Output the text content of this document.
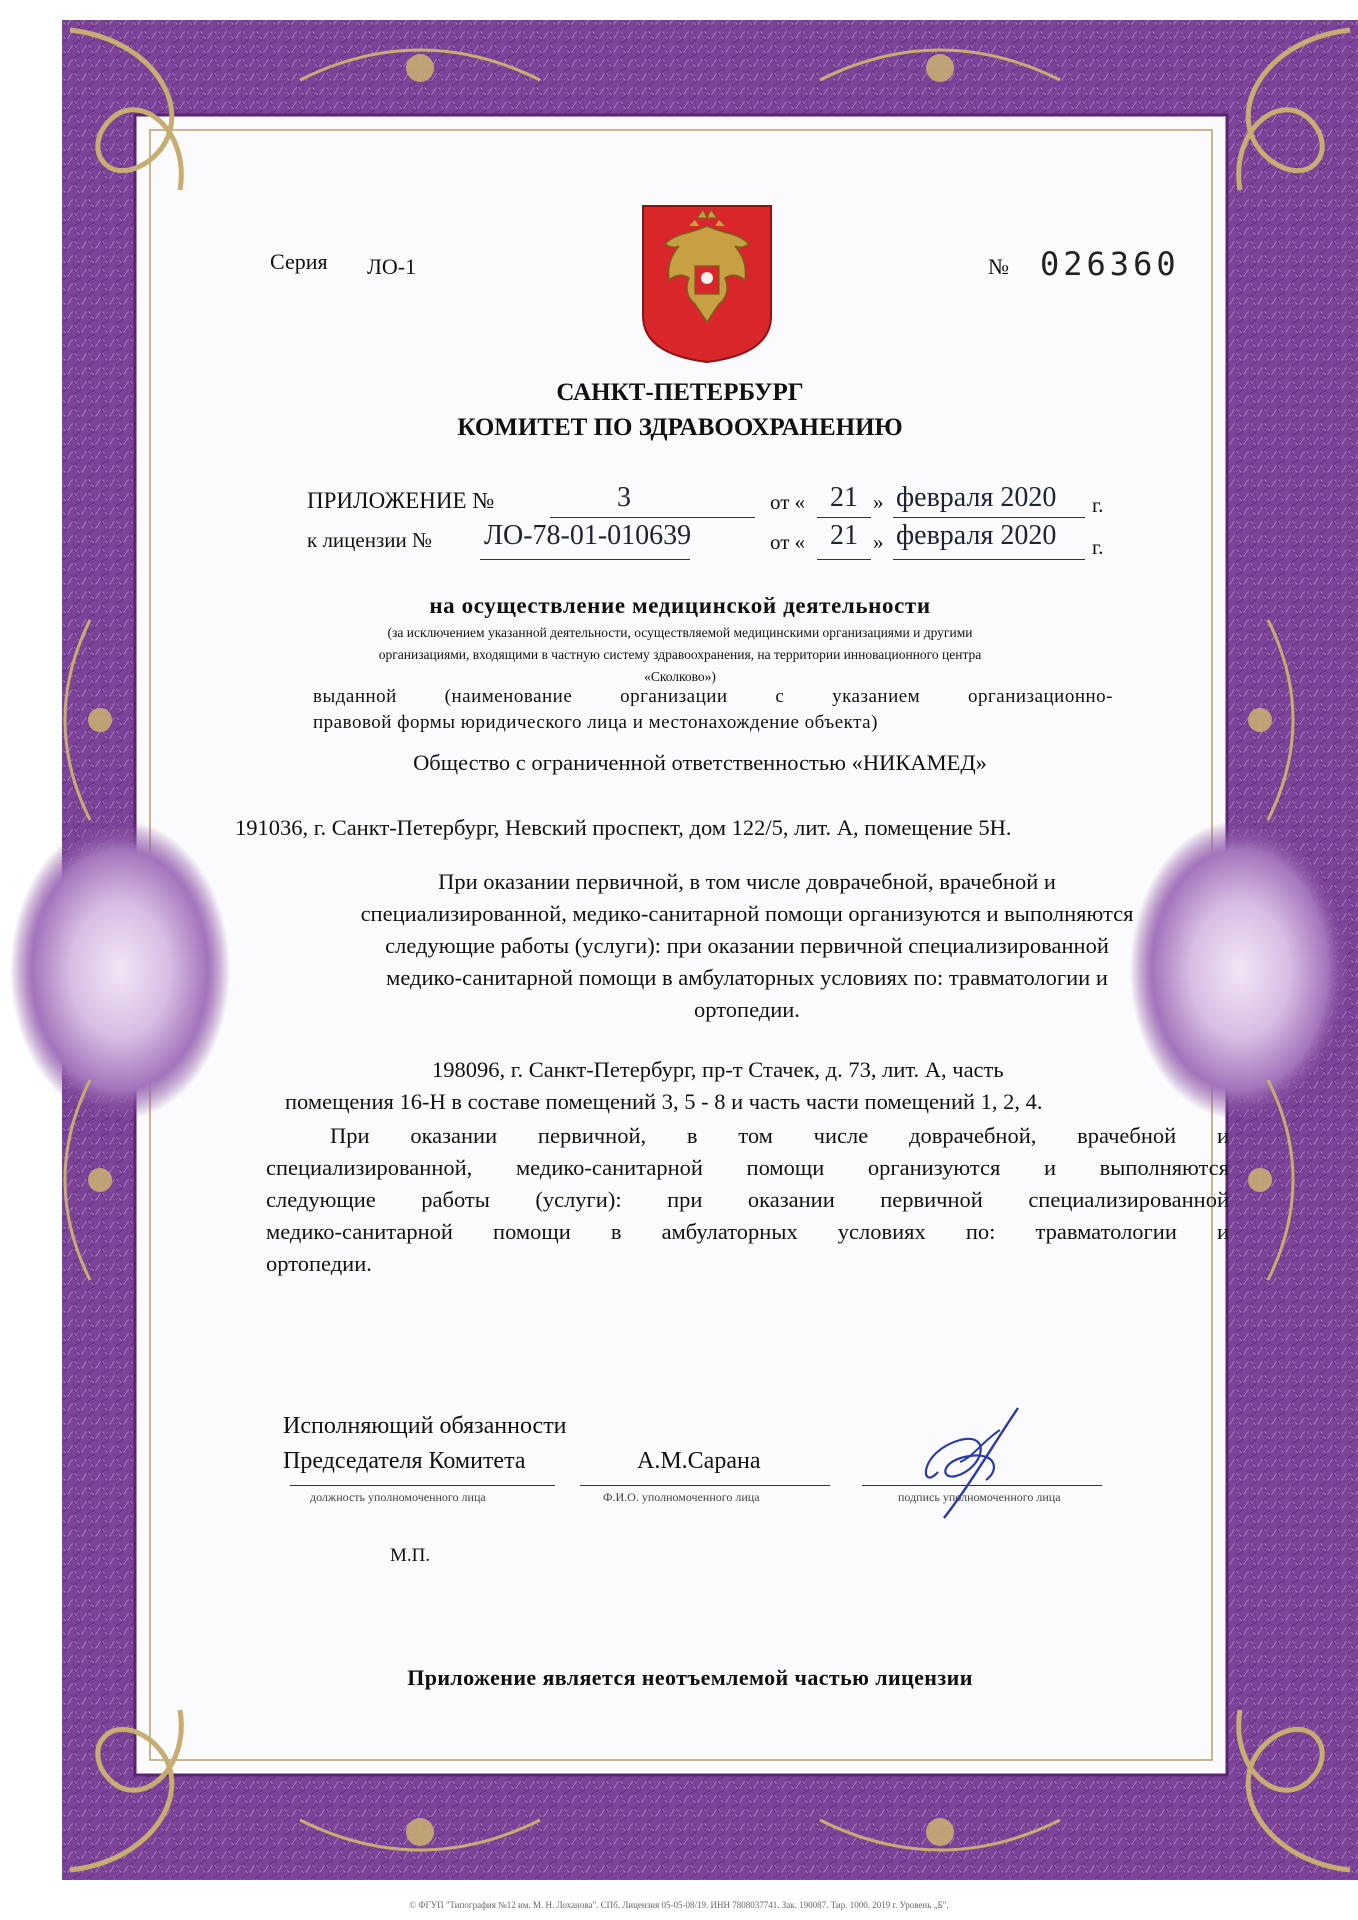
Серия ЛО-1	№ 026360
САНКТ-ПЕТЕРБУРГ
КОМИТЕТ ПО ЗДРАВООХРАНЕНИЮ
ПРИЛОЖЕНИЕ №	3	от « 21 » февраля 2020 г.
к лицензии № ЛО-78-01-010639	от « 21 » февраля 2020 г.
на осуществление медицинской деятельности
(за исключением указанной деятельности, осуществляемой медицинскими организациями и другими
организациями, входящими в частную систему здравоохранения, на территории инновационного центра
«Сколково»)
выданной (наименование организации с указанием организационно-
правовой формы юридического лица и местонахождение объекта)
Общество с ограниченной ответственностью «НИКАМЕД»
191036, г. Санкт-Петербург, Невский проспект, дом 122/5, лит. А, помещение 5Н.
При оказании первичной, в том числе доврачебной, врачебной и
специализированной, медико-санитарной помощи организуются и выполняются
следующие работы (услуги): при оказании первичной специализированной
медико-санитарной помощи в амбулаторных условиях по: травматологии и
ортопедии.
198096, г. Санкт-Петербург, пр-т Стачек, д. 73, лит. А, часть
помещения 16-Н в составе помещений 3, 5 - 8 и часть части помещений 1, 2, 4.
При оказании первичной, в том числе доврачебной, врачебной и
специализированной, медико-санитарной помощи организуются и выполняются
следующие работы (услуги): при оказании первичной специализированной
медико-санитарной помощи в амбулаторных условиях по: травматологии и
ортопедии.
Исполняющий обязанности
Председателя Комитета	А.М.Сарана
должность уполномоченного лица	Ф.И.О. уполномоченного лица	подпись уполномоченного лица
М.П.
Приложение является неотъемлемой частью лицензии
© ФГУП "Типография №12 им. М. Н. Лоханова". СПб. Лицензия 05-05-08/19. ИНН 7808037741. Зак. 190087. Тир. 1000. 2019 г. Уровень „Б".
